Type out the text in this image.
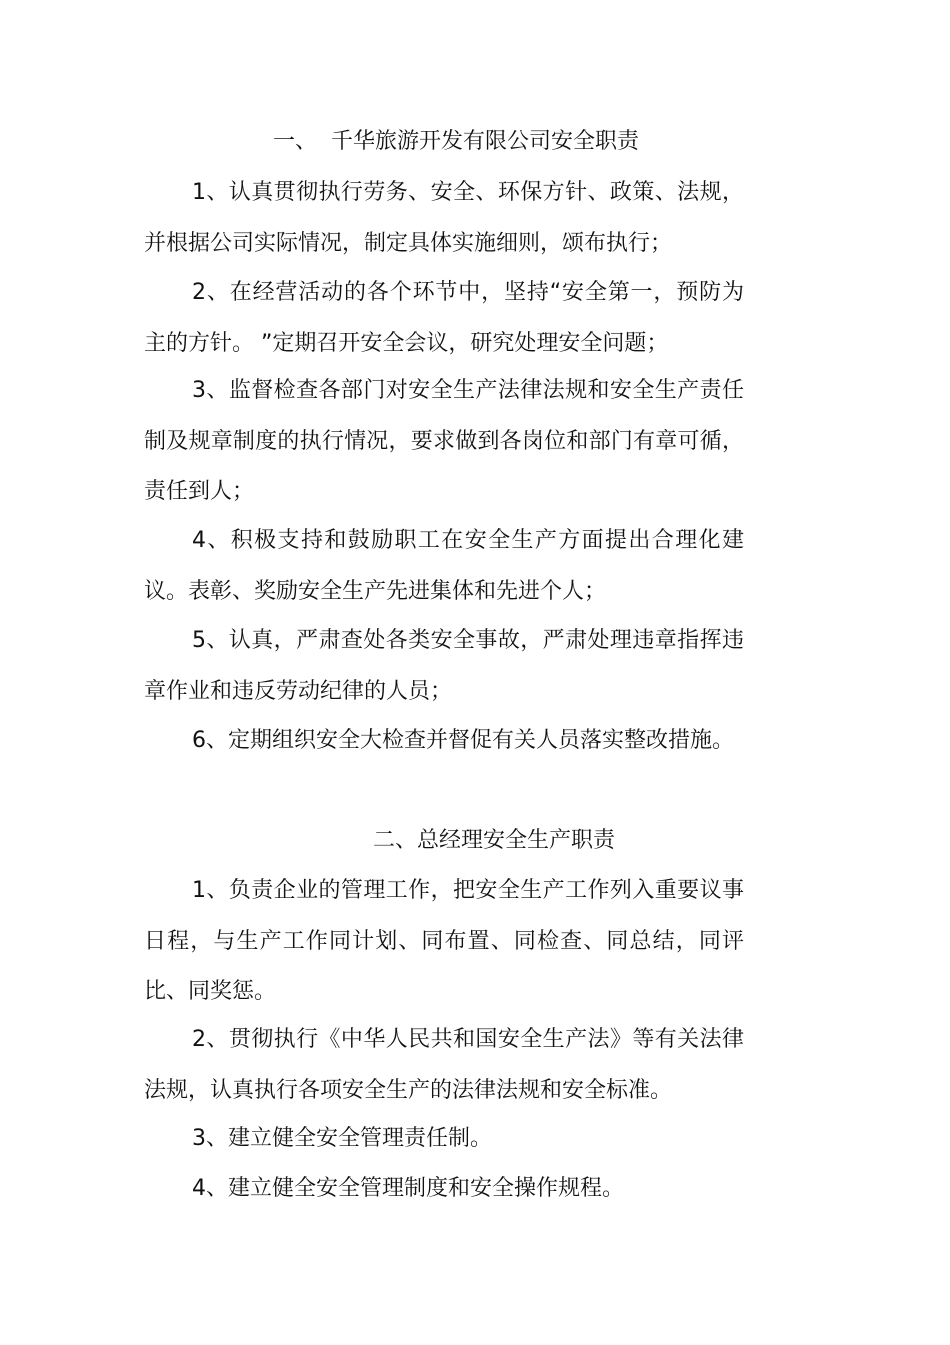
一、  千华旅游开发有限公司安全职责

1、认真贯彻执行劳务、安全、环保方针、政策、法规，并根据公司实际情况，制定具体实施细则，颂布执行；

2、在经营活动的各个环节中，坚持“安全第一，预防为主的方针。 ”定期召开安全会议，研究处理安全问题；

3、监督检查各部门对安全生产法律法规和安全生产责任制及规章制度的执行情况，要求做到各岗位和部门有章可循，责任到人；

4、积极支持和鼓励职工在安全生产方面提出合理化建议。表彰、奖励安全生产先进集体和先进个人；

5、认真，严肃查处各类安全事故，严肃处理违章指挥违章作业和违反劳动纪律的人员；

6、定期组织安全大检查并督促有关人员落实整改措施。

二、总经理安全生产职责

1、负责企业的管理工作，把安全生产工作列入重要议事日程，与生产工作同计划、同布置、同检查、同总结，同评比、同奖惩。

2、贯彻执行《中华人民共和国安全生产法》等有关法律法规，认真执行各项安全生产的法律法规和安全标准。

3、建立健全安全管理责任制。

4、建立健全安全管理制度和安全操作规程。
